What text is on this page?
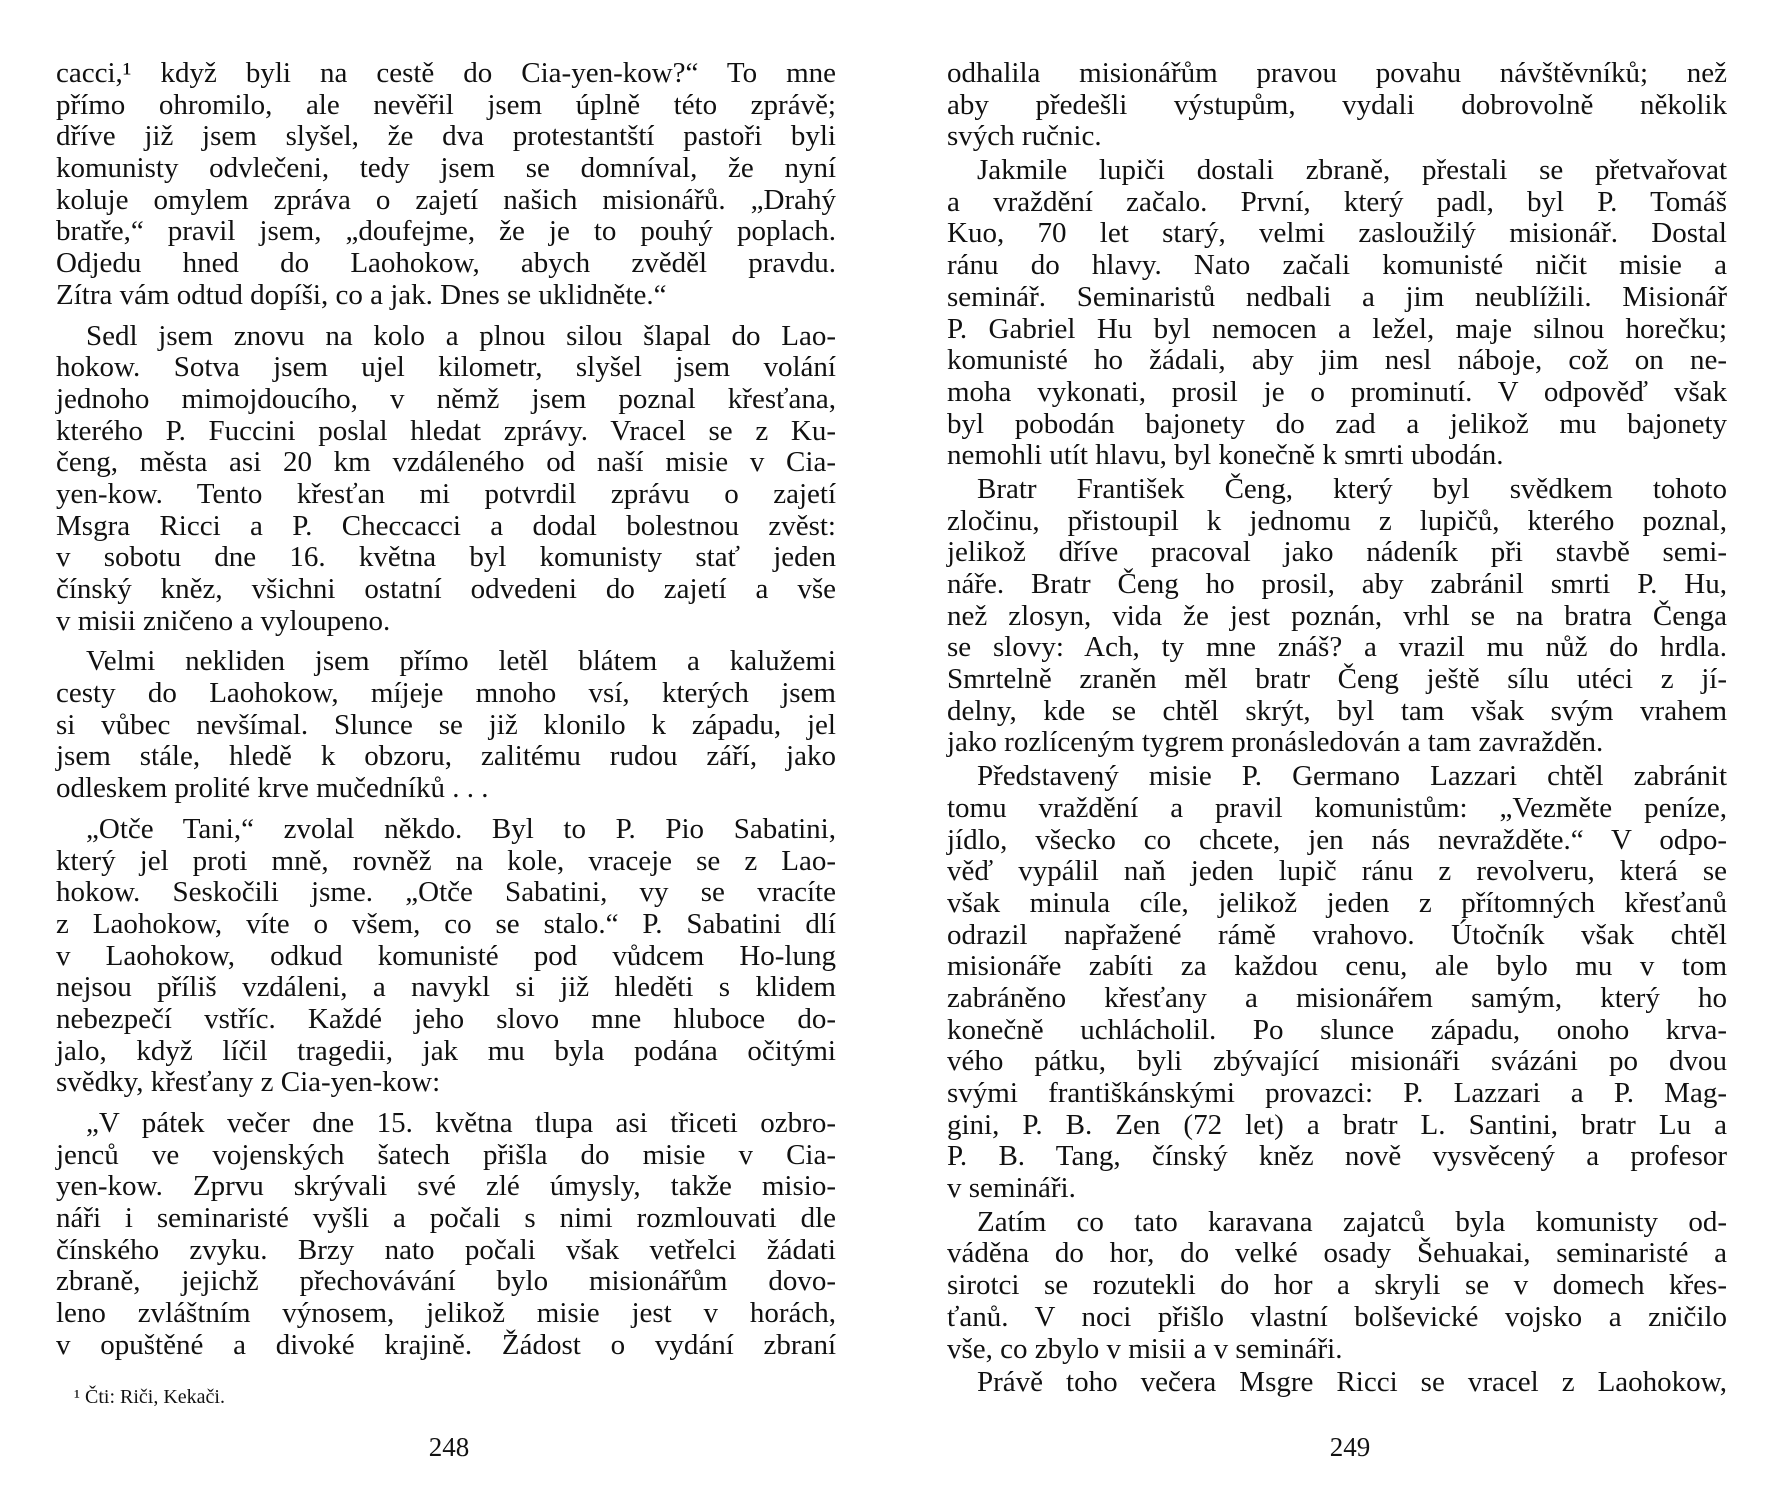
cacci,¹ když byli na cestě do Cia-yen-kow?“ To mne
přímo ohromilo, ale nevěřil jsem úplně této zprávě;
dříve již jsem slyšel, že dva protestantští pastoři byli
komunisty odvlečeni, tedy jsem se domníval, že nyní
koluje omylem zpráva o zajetí našich misionářů. „Drahý
bratře,“ pravil jsem, „doufejme, že je to pouhý poplach.
Odjedu hned do Laohokow, abych zvěděl pravdu.
Zítra vám odtud dopíši, co a jak. Dnes se uklidněte.“
Sedl jsem znovu na kolo a plnou silou šlapal do Lao-
hokow. Sotva jsem ujel kilometr, slyšel jsem volání
jednoho mimojdoucího, v němž jsem poznal křesťana,
kterého P. Fuccini poslal hledat zprávy. Vracel se z Ku-
čeng, města asi 20 km vzdáleného od naší misie v Cia-
yen-kow. Tento křesťan mi potvrdil zprávu o zajetí
Msgra Ricci a P. Checcacci a dodal bolestnou zvěst:
v sobotu dne 16. května byl komunisty stať jeden
čínský kněz, všichni ostatní odvedeni do zajetí a vše
v misii zničeno a vyloupeno.
Velmi neklidеn jsem přímo letěl blátem a kalužemi
cesty do Laohokow, míjeje mnoho vsí, kterých jsem
si vůbec nevšímal. Slunce se již klonilo k západu, jel
jsem stále, hledě k obzoru, zalitému rudou září, jako
odleskem prolité krve mučedníků . . .
„Otče Tani,“ zvolal někdo. Byl to P. Pio Sabatini,
který jel proti mně, rovněž na kole, vraceje se z Lao-
hokow. Seskočili jsme. „Otče Sabatini, vy se vracíte
z Laohokow, víte o všem, co se stalo.“ P. Sabatini dlí
v Laohokow, odkud komunisté pod vůdcem Ho-lung
nejsou příliš vzdáleni, a navykl si již hleděti s klidem
nebezpečí vstříc. Každé jeho slovo mne hluboce do-
jalo, když líčil tragedii, jak mu byla podána očitými
svědky, křesťany z Cia-yen-kow:
„V pátek večer dne 15. května tlupa asi třiceti ozbro-
jenců ve vojenských šatech přišla do misie v Cia-
yen-kow. Zprvu skrývali své zlé úmysly, takže misio-
náři i seminaristé vyšli a počali s nimi rozmlouvati dle
čínského zvyku. Brzy nato počali však vetřelci žádati
zbraně, jejichž přechovávání bylo misionářům dovo-
leno zvláštním výnosem, jelikož misie jest v horách,
v opuštěné a divoké krajině. Žádost o vydání zbraní
odhalila misionářům pravou povahu návštěvníků; než
aby předešli výstupům, vydali dobrovolně několik
svých ručnic.
Jakmile lupiči dostali zbraně, přestali se přetvařovat
a vraždění začalo. První, který padl, byl P. Tomáš
Kuo, 70 let starý, velmi zasloužilý misionář. Dostal
ránu do hlavy. Nato začali komunisté ničit misie a
seminář. Seminaristů nedbali a jim neublížili. Misionář
P. Gabriel Hu byl nemocen a ležel, maje silnou horečku;
komunisté ho žádali, aby jim nesl náboje, což on ne-
moha vykonati, prosil je o prominutí. V odpověď však
byl pobodán bajonety do zad a jelikož mu bajonety
nemohli utít hlavu, byl konečně k smrti ubodán.
Bratr František Čeng, který byl svědkem tohoto
zločinu, přistoupil k jednomu z lupičů, kterého poznal,
jelikož dříve pracoval jako nádeník při stavbě semi-
náře. Bratr Čeng ho prosil, aby zabránil smrti P. Hu,
než zlosyn, vida že jest poznán, vrhl se na bratra Čenga
se slovy: Ach, ty mne znáš? a vrazil mu nůž do hrdla.
Smrtelně zraněn měl bratr Čeng ještě sílu utéci z jí-
delny, kde se chtěl skrýt, byl tam však svým vrahem
jako rozlíceným tygrem pronásledován a tam zavražděn.
Představený misie P. Germano Lazzari chtěl zabránit
tomu vraždění a pravil komunistům: „Vezměte peníze,
jídlo, všecko co chcete, jen nás nevražděte.“ V odpo-
věď vypálil naň jeden lupič ránu z revolveru, která se
však minula cíle, jelikož jeden z přítomných křesťanů
odrazil napřažené rámě vrahovo. Útočník však chtěl
misionáře zabíti za každou cenu, ale bylo mu v tom
zabráněno křesťany a misionářem samým, který ho
konečně uchlácholil. Po slunce západu, onoho krva-
vého pátku, byli zbývající misionáři svázáni po dvou
svými františkánskými provazci: P. Lazzari a P. Mag-
gini, P. B. Zen (72 let) a bratr L. Santini, bratr Lu a
P. B. Tang, čínský kněz nově vysvěcený a profesor
v semináři.
Zatím co tato karavana zajatců byla komunisty od-
váděna do hor, do velké osady Šehuakai, seminaristé a
sirotci se rozutekli do hor a skryli se v domech křes-
ťanů. V noci přišlo vlastní bolševické vojsko a zničilo
vše, co zbylo v misii a v semináři.
Právě toho večera Msgre Ricci se vracel z Laohokow,
¹ Čti: Riči, Kekači.
248	249
